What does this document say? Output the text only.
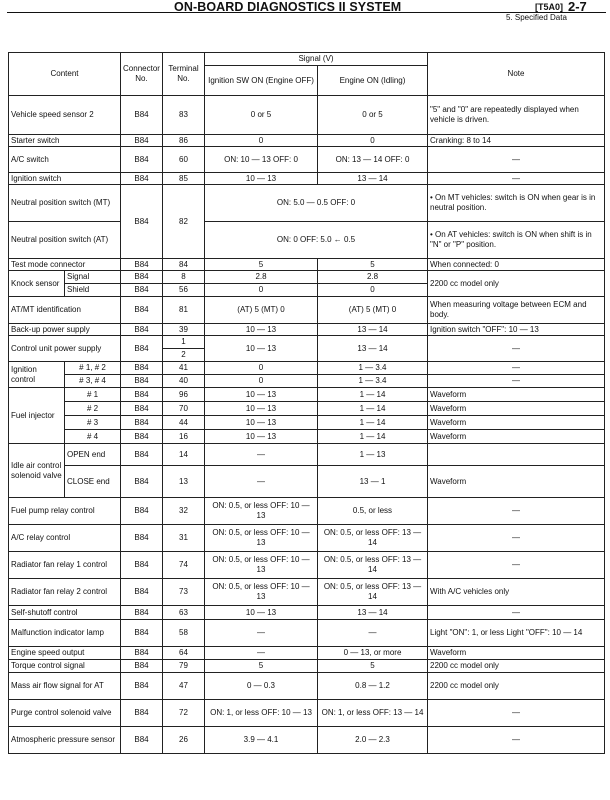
ON-BOARD DIAGNOSTICS II SYSTEM	[T5A0] 2-7
5. Specified Data
Content		Connector No.	Terminal No.	Signal (V)		Note
				Ignition SW ON (Engine OFF)	Engine ON (Idling)	
Vehicle speed sensor 2		B84	83	0 or 5	0 or 5	"5" and "0" are repeatedly displayed when vehicle is driven.
Starter switch		B84	86	0	0	Cranking: 8 to 14
A/C switch		B84	60	ON: 10 — 13 OFF: 0	ON: 13 — 14 OFF: 0	—
Ignition switch		B84	85	10 — 13	13 — 14	—
Neutral position switch (MT)		B84	82	ON: 5.0 — 0.5 OFF: 0		• On MT vehicles: switch is ON when gear is in neutral position.
Neutral position switch (AT)				ON: 0 OFF: 5.0 ← 0.5		• On AT vehicles: switch is ON when shift is in "N" or "P" position.
Test mode connector		B84	84	5	5	When connected: 0
Knock sensor	Signal	B84	8	2.8	2.8	2200 cc model only
	Shield	B84	56	0	0	
AT/MT identification		B84	81	(AT) 5 (MT) 0	(AT) 5 (MT) 0	When measuring voltage between ECM and body.
Back-up power supply		B84	39	10 — 13	13 — 14	Ignition switch "OFF": 10 — 13
Control unit power supply		B84	1	10 — 13	13 — 14	—
			2			
Ignition control	# 1, # 2	B84	41	0	1 — 3.4	—
	# 3, # 4	B84	40	0	1 — 3.4	—
Fuel injector	# 1	B84	96	10 — 13	1 — 14	Waveform
	# 2	B84	70	10 — 13	1 — 14	Waveform
	# 3	B84	44	10 — 13	1 — 14	Waveform
	# 4	B84	16	10 — 13	1 — 14	Waveform
Idle air control solenoid valve	OPEN end	B84	14	—	1 — 13	
	CLOSE end	B84	13	—	13 — 1	Waveform
Fuel pump relay control		B84	32	ON: 0.5, or less OFF: 10 — 13	0.5, or less	—
A/C relay control		B84	31	ON: 0.5, or less OFF: 10 — 13	ON: 0.5, or less OFF: 13 — 14	—
Radiator fan relay 1 control		B84	74	ON: 0.5, or less OFF: 10 — 13	ON: 0.5, or less OFF: 13 — 14	—
Radiator fan relay 2 control		B84	73	ON: 0.5, or less OFF: 10 — 13	ON: 0.5, or less OFF: 13 — 14	With A/C vehicles only
Self-shutoff control		B84	63	10 — 13	13 — 14	—
Malfunction indicator lamp		B84	58	—	—	Light "ON": 1, or less Light "OFF": 10 — 14
Engine speed output		B84	64	—	0 — 13, or more	Waveform
Torque control signal		B84	79	5	5	2200 cc model only
Mass air flow signal for AT		B84	47	0 — 0.3	0.8 — 1.2	2200 cc model only
Purge control solenoid valve		B84	72	ON: 1, or less OFF: 10 — 13	ON: 1, or less OFF: 13 — 14	—
Atmospheric pressure sensor		B84	26	3.9 — 4.1	2.0 — 2.3	—
